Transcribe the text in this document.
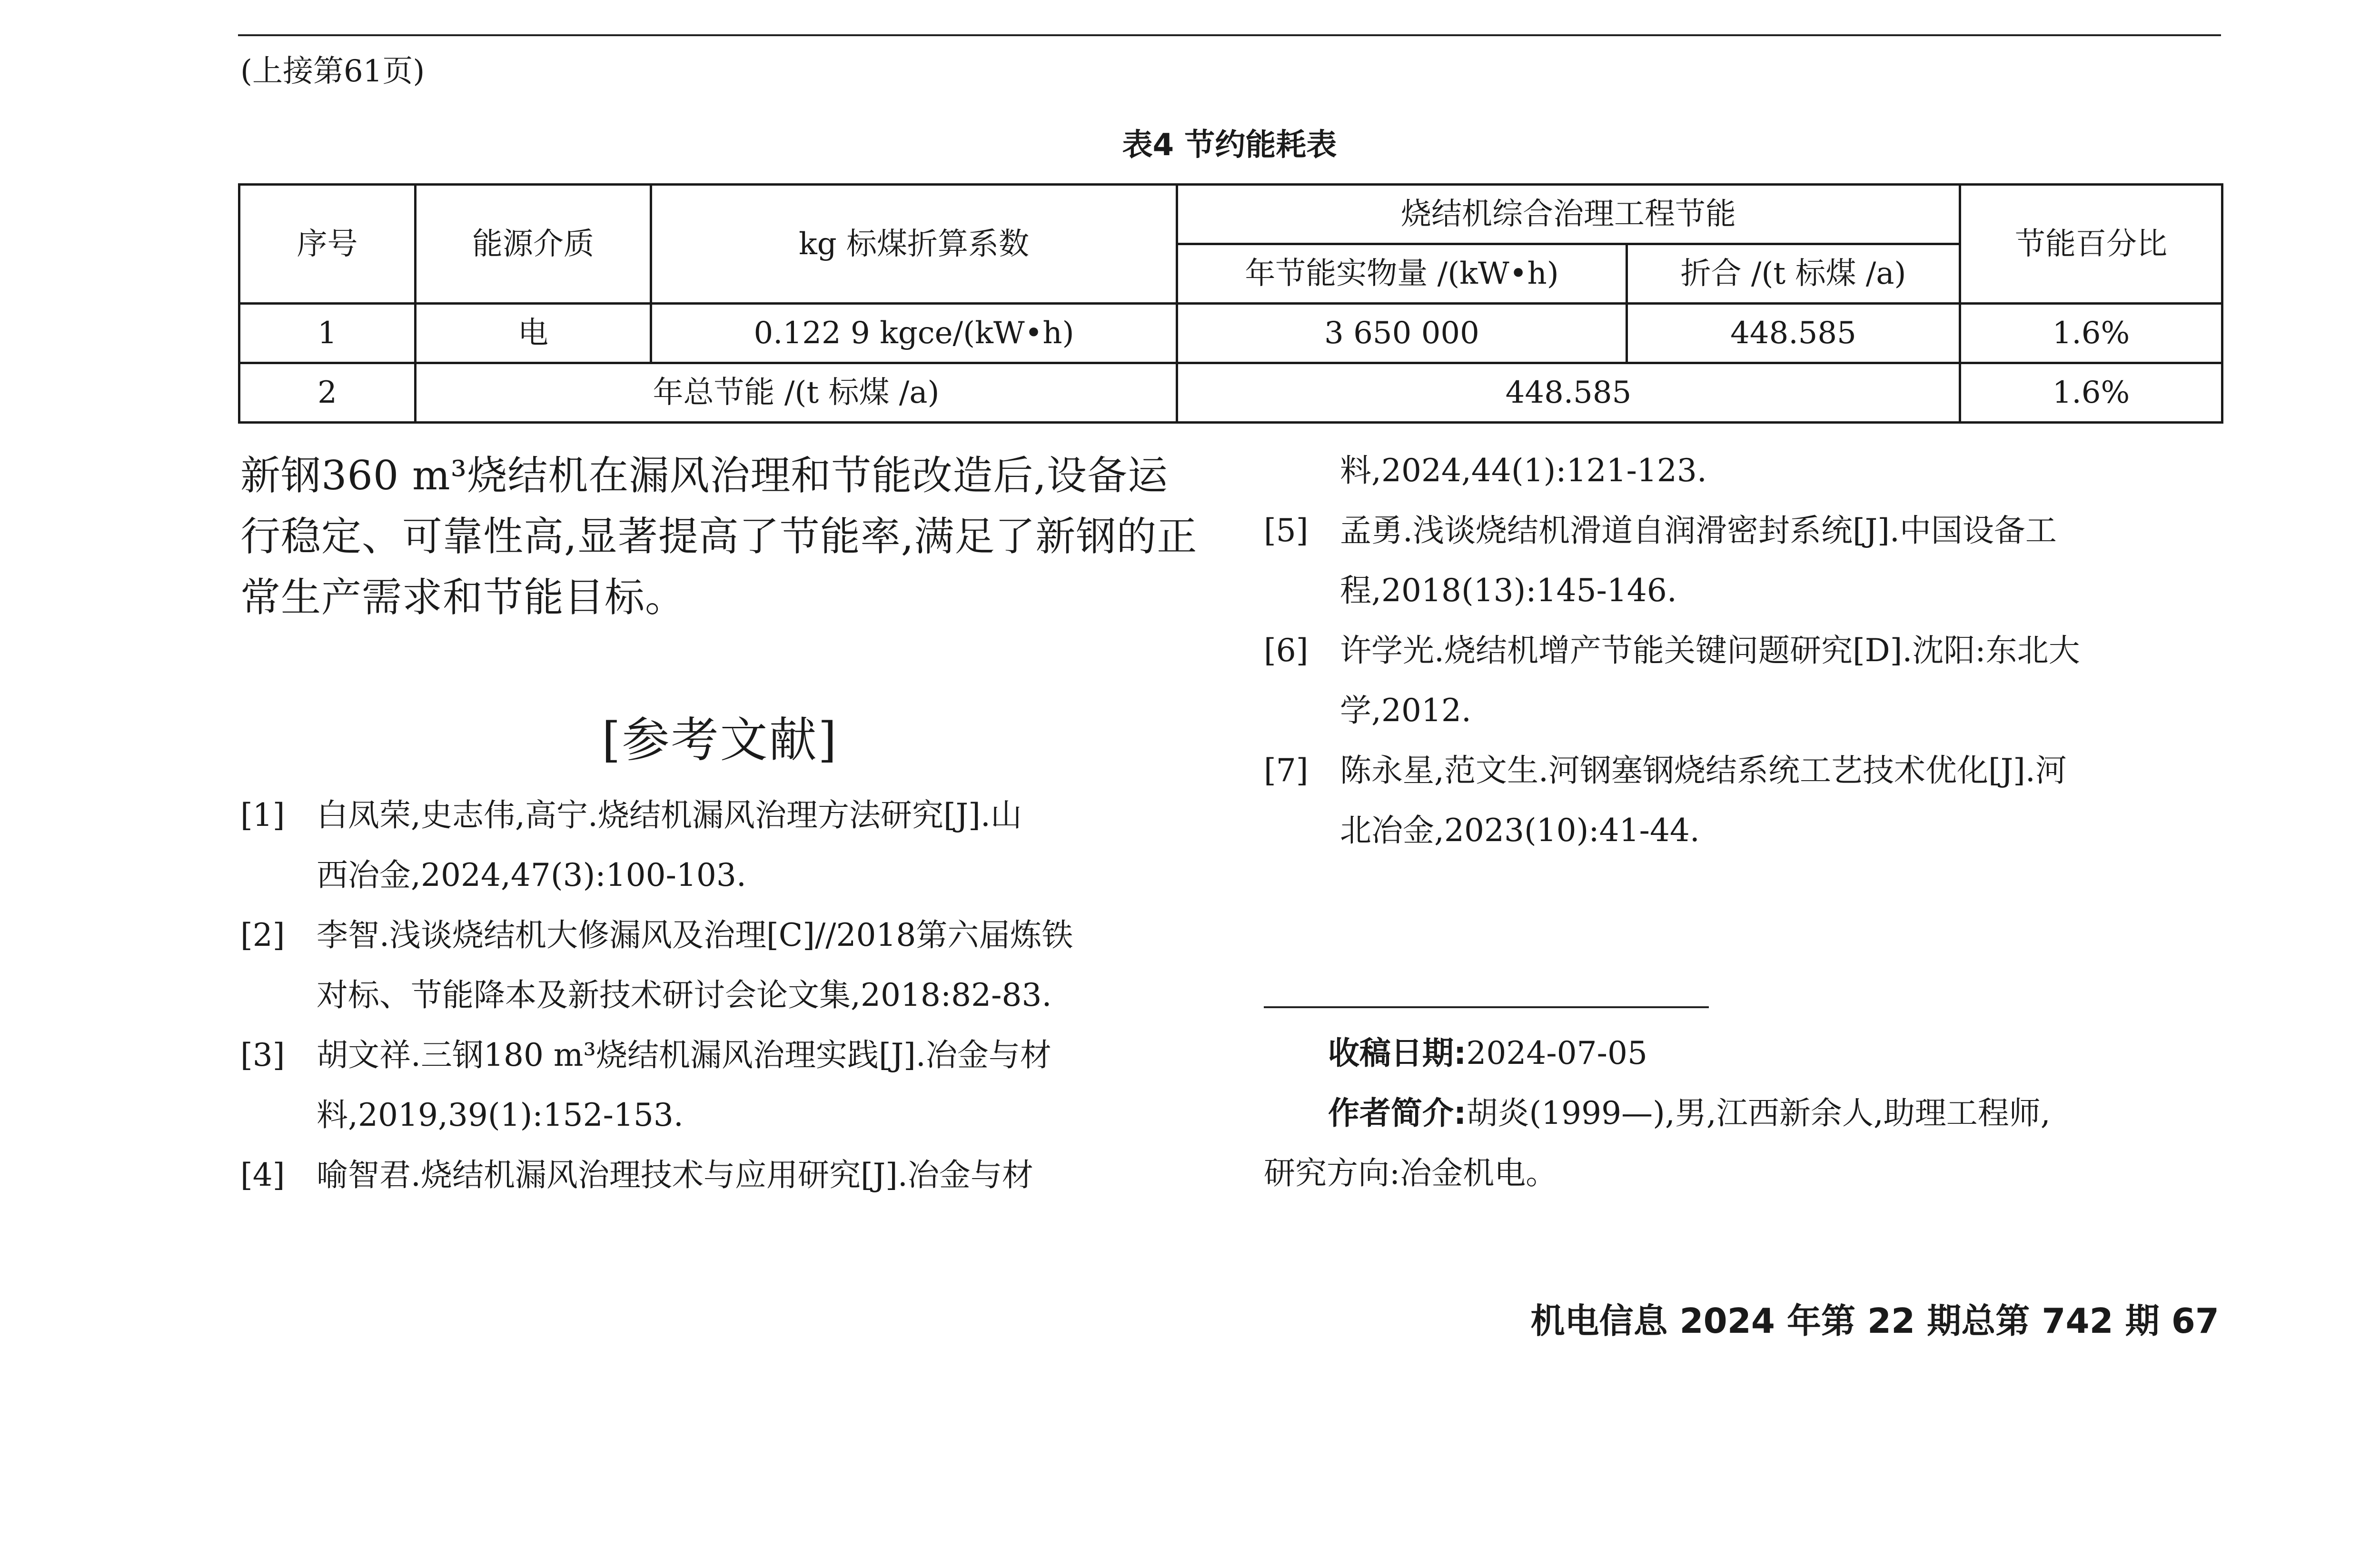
(上接第61页)
表4 节约能耗表
序号	能源介质	kg 标煤折算系数	烧结机综合治理工程节能		节能百分比
			年节能实物量 /(kW•h)	折合 /(t 标煤 /a)	
1	电	0.122 9 kgce/(kW•h)	3 650 000	448.585	1.6%
2	年总节能 /(t 标煤 /a)		448.585		1.6%

新钢360 m³烧结机在漏风治理和节能改造后,设备运行稳定、可靠性高,显著提高了节能率,满足了新钢的正常生产需求和节能目标。

[参考文献]
[1] 白凤荣,史志伟,高宁.烧结机漏风治理方法研究[J].山
西冶金,2024,47(3):100-103.
[2] 李智.浅谈烧结机大修漏风及治理[C]//2018第六届炼铁
对标、节能降本及新技术研讨会论文集,2018:82-83.
[3] 胡文祥.三钢180 m³烧结机漏风治理实践[J].冶金与材
料,2019,39(1):152-153.
[4] 喻智君.烧结机漏风治理技术与应用研究[J].冶金与材
料,2024,44(1):121-123.
[5] 孟勇.浅谈烧结机滑道自润滑密封系统[J].中国设备工
程,2018(13):145-146.
[6] 许学光.烧结机增产节能关键问题研究[D].沈阳:东北大
学,2012.
[7] 陈永星,范文生.河钢塞钢烧结系统工艺技术优化[J].河
北冶金,2023(10):41-44.
收稿日期:2024-07-05
作者简介:胡炎(1999—),男,江西新余人,助理工程师,
研究方向:冶金机电。
机电信息 2024 年第 22 期总第 742 期 67
